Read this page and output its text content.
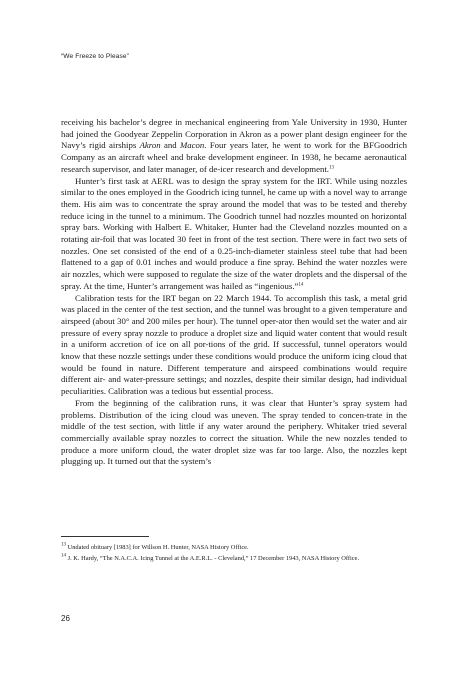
“We Freeze to Please”

receiving his bachelor’s degree in mechanical engineering from Yale University in 1930, Hunter had joined the Goodyear Zeppelin Corporation in Akron as a power plant design engineer for the Navy’s rigid airships Akron and Macon. Four years later, he went to work for the BFGoodrich Company as an aircraft wheel and brake development engineer. In 1938, he became aeronautical research supervisor, and later manager, of de-icer research and development.$^{13}$

Hunter’s first task at AERL was to design the spray system for the IRT. While using nozzles similar to the ones employed in the Goodrich icing tunnel, he came up with a novel way to arrange them. His aim was to concentrate the spray around the model that was to be tested and thereby reduce icing in the tunnel to a minimum. The Goodrich tunnel had nozzles mounted on horizontal spray bars. Working with Halbert E. Whitaker, Hunter had the Cleveland nozzles mounted on a rotating air-foil that was located 30 feet in front of the test section. There were in fact two sets of nozzles. One set consisted of the end of a 0.25-inch-diameter stainless steel tube that had been flattened to a gap of 0.01 inches and would produce a fine spray. Behind the water nozzles were air nozzles, which were supposed to regulate the size of the water droplets and the dispersal of the spray. At the time, Hunter’s arrangement was hailed as “ingenious.”$^{14}$

Calibration tests for the IRT began on 22 March 1944. To accomplish this task, a metal grid was placed in the center of the test section, and the tunnel was brought to a given temperature and airspeed (about 30° and 200 miles per hour). The tunnel oper-ator then would set the water and air pressure of every spray nozzle to produce a droplet size and liquid water content that would result in a uniform accretion of ice on all por-tions of the grid. If successful, tunnel operators would know that these nozzle settings under these conditions would produce the uniform icing cloud that would be found in nature. Different temperature and airspeed combinations would require different air- and water-pressure settings; and nozzles, despite their similar design, had individual peculiarities. Calibration was a tedious but essential process.

From the beginning of the calibration runs, it was clear that Hunter’s spray system had problems. Distribution of the icing cloud was uneven. The spray tended to concen-trate in the middle of the test section, with little if any water around the periphery. Whitaker tried several commercially available spray nozzles to correct the situation. While the new nozzles tended to produce a more uniform cloud, the water droplet size was far too large. Also, the nozzles kept plugging up. It turned out that the system’s

$^{13}$ Undated obituary [1983] for Willson H. Hunter, NASA History Office.
$^{14}$ J. K. Hardy, “The N.A.C.A. Icing Tunnel at the A.E.R.L. - Cleveland,” 17 December 1943, NASA History Office.
26
